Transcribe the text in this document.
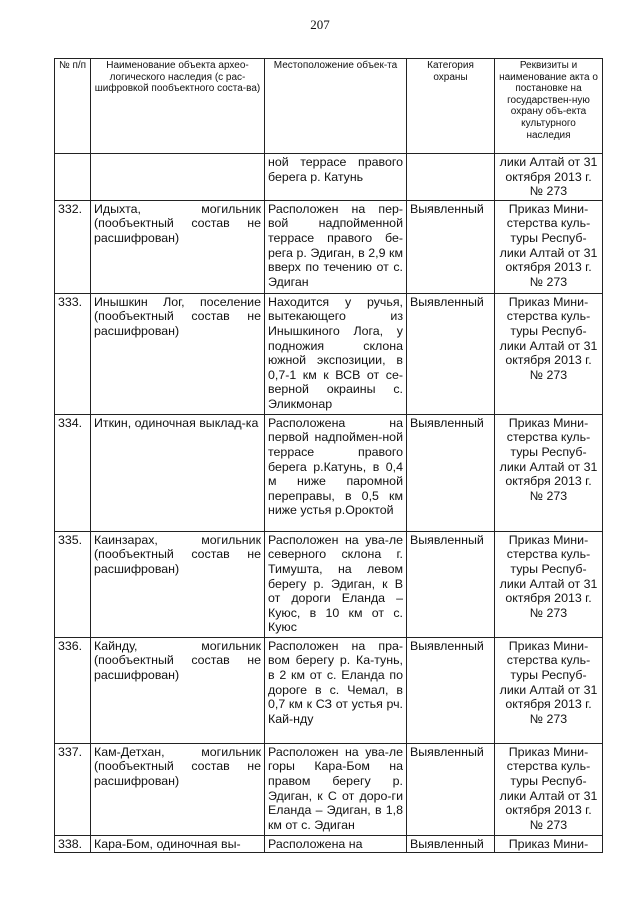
207
№ п/п	Наименование объекта архео-логического наследия (с рас-шифровкой пообъектного соста-ва)	Местоположение объек-та	Категория охраны	Реквизиты и наименование акта о постановке на государствен-ную охрану объ-екта культурного наследия
		ной террасе правого берега р. Катунь		лики Алтай от 31 октября 2013 г. № 273
332.	Идыхта, могильник (пообъектный состав не расшифрован)	Расположен на пер-вой надпойменной террасе правого бе-рега р. Эдиган, в 2,9 км вверх по течению от с. Эдиган	Выявленный	Приказ Мини-стерства куль-туры Респуб-лики Алтай от 31 октября 2013 г. № 273
333.	Инышкин Лог, поселение (пообъектный состав не расшифрован)	Находится у ручья, вытекающего из Инышкиного Лога, у подножия склона южной экспозиции, в 0,7-1 км к ВСВ от се-верной окраины с. Эликмонар	Выявленный	Приказ Мини-стерства куль-туры Респуб-лики Алтай от 31 октября 2013 г. № 273
334.	Иткин, одиночная выклад-ка	Расположена на первой надпоймен-ной террасе правого берега р.Катунь, в 0,4 м ниже паромной переправы, в 0,5 км ниже устья р.Ороктой	Выявленный	Приказ Мини-стерства куль-туры Респуб-лики Алтай от 31 октября 2013 г. № 273
335.	Каинзарах, могильник (пообъектный состав не расшифрован)	Расположен на ува-ле северного склона г. Тимушта, на левом берегу р. Эдиган, к В от дороги Еланда – Куюс, в 10 км от с. Куюс	Выявленный	Приказ Мини-стерства куль-туры Респуб-лики Алтай от 31 октября 2013 г. № 273
336.	Кайнду, могильник (пообъектный состав не расшифрован)	Расположен на пра-вом берегу р. Ка-тунь, в 2 км от с. Еланда по дороге в с. Чемал, в 0,7 км к СЗ от устья рч. Кай-нду	Выявленный	Приказ Мини-стерства куль-туры Респуб-лики Алтай от 31 октября 2013 г. № 273
337.	Кам-Детхан, могильник (пообъектный состав не расшифрован)	Расположен на ува-ле горы Кара-Бом на правом берегу р. Эдиган, к С от доро-ги Еланда – Эдиган, в 1,8 км от с. Эдиган	Выявленный	Приказ Мини-стерства куль-туры Респуб-лики Алтай от 31 октября 2013 г. № 273
338.	Кара-Бом, одиночная вы-	Расположена на	Выявленный	Приказ Мини-
